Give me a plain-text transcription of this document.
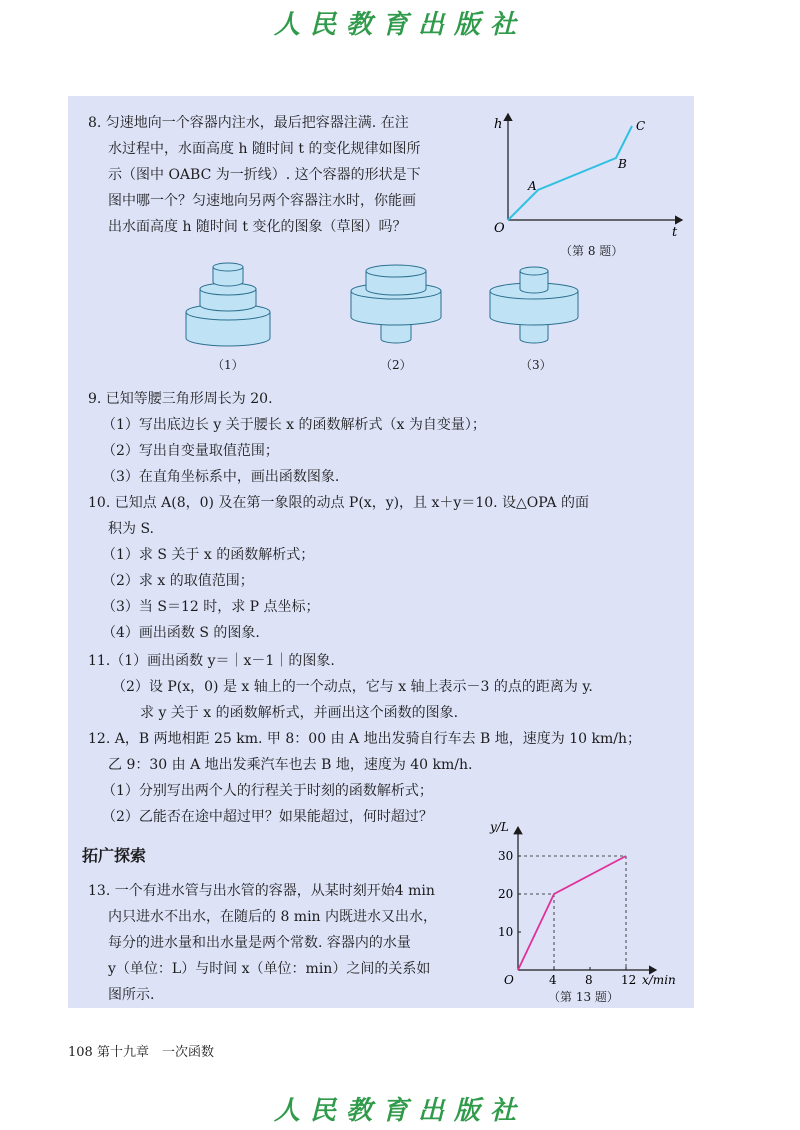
人民教育出版社
8. 匀速地向一个容器内注水，最后把容器注满. 在注
水过程中，水面高度 h 随时间 t 的变化规律如图所
示（图中 OABC 为一折线）. 这个容器的形状是下
图中哪一个？匀速地向另两个容器注水时，你能画
出水面高度 h 随时间 t 变化的图象（草图）吗？
h
t
O
A
B
C
（第 8 题）
（1）	（2）	（3）
9. 已知等腰三角形周长为 20.
（1）写出底边长 y 关于腰长 x 的函数解析式（x 为自变量）；
（2）写出自变量取值范围；
（3）在直角坐标系中，画出函数图象.
10. 已知点 A(8，0) 及在第一象限的动点 P(x，y)，且 x＋y＝10. 设△OPA 的面
积为 S.
（1）求 S 关于 x 的函数解析式；
（2）求 x 的取值范围；
（3）当 S＝12 时，求 P 点坐标；
（4）画出函数 S 的图象.
11.（1）画出函数 y＝｜x－1｜的图象.
（2）设 P(x，0) 是 x 轴上的一个动点，它与 x 轴上表示－3 的点的距离为 y.
求 y 关于 x 的函数解析式，并画出这个函数的图象.
12. A，B 两地相距 25 km. 甲 8：00 由 A 地出发骑自行车去 B 地，速度为 10 km/h；
乙 9：30 由 A 地出发乘汽车也去 B 地，速度为 40 km/h.
（1）分别写出两个人的行程关于时刻的函数解析式；
（2）乙能否在途中超过甲？如果能超过，何时超过？
拓广探索
13. 一个有进水管与出水管的容器，从某时刻开始4 min
内只进水不出水，在随后的 8 min 内既进水又出水，
每分的进水量和出水量是两个常数. 容器内的水量
y（单位：L）与时间 x（单位：min）之间的关系如
图所示.
4 8 12
10
20
30
O	x/min
y/L
（第 13 题）
108 第十九章　一次函数
人民教育出版社
